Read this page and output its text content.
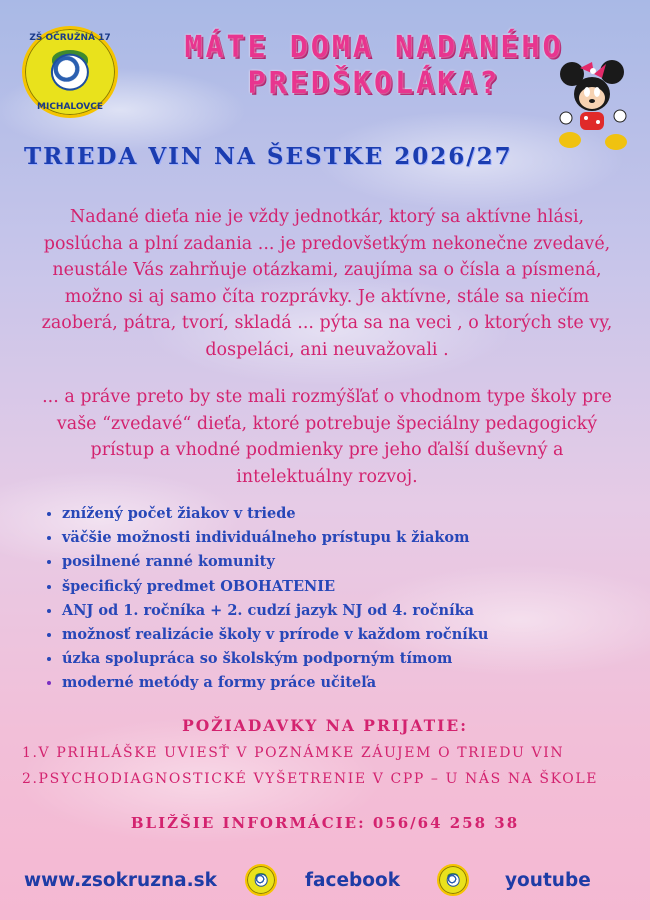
ZŠ OČRUŽNÁ 17
MICHALOVCE
MÁTE DOMA NADANÉHO
PREDŠKOLÁKA?
TRIEDA VIN NA ŠESTKE 2026/27
Nadané dieťa nie je vždy jednotkár, ktorý sa aktívne hlási, poslúcha a plní zadania ... je predovšetkým nekonečne zvedavé, neustále Vás zahrňuje otázkami, zaujíma sa o čísla a písmená, možno si aj samo číta rozprávky. Je aktívne, stále sa niečím zaoberá, pátra, tvorí, skladá ... pýta sa na veci , o ktorých ste vy, dospeláci, ani neuvažovali .
... a práve preto by ste mali rozmýšľať o vhodnom type školy pre vaše “zvedavé“ dieťa, ktoré potrebuje špeciálny pedagogický prístup a vhodné podmienky pre jeho ďalší duševný a intelektuálny rozvoj.
• znížený počet žiakov v triede
• väčšie možnosti individuálneho prístupu k žiakom
• posilnené ranné komunity
• špecifický predmet OBOHATENIE
• ANJ od 1. ročníka + 2. cudzí jazyk NJ od 4. ročníka
• možnosť realizácie školy v prírode v každom ročníku
• úzka spolupráca so školským podporným tímom
• moderné metódy a formy práce učiteľa
POŽIADAVKY NA PRIJATIE:
1.V PRIHLÁŠKE UVIESŤ V POZNÁMKE ZÁUJEM O TRIEDU VIN
2.PSYCHODIAGNOSTICKÉ VYŠETRENIE V CPP – U NÁS NA ŠKOLE
BLIŽŠIE INFORMÁCIE: 056/64 258 38
www.zsokruzna.sk	facebook	youtube
